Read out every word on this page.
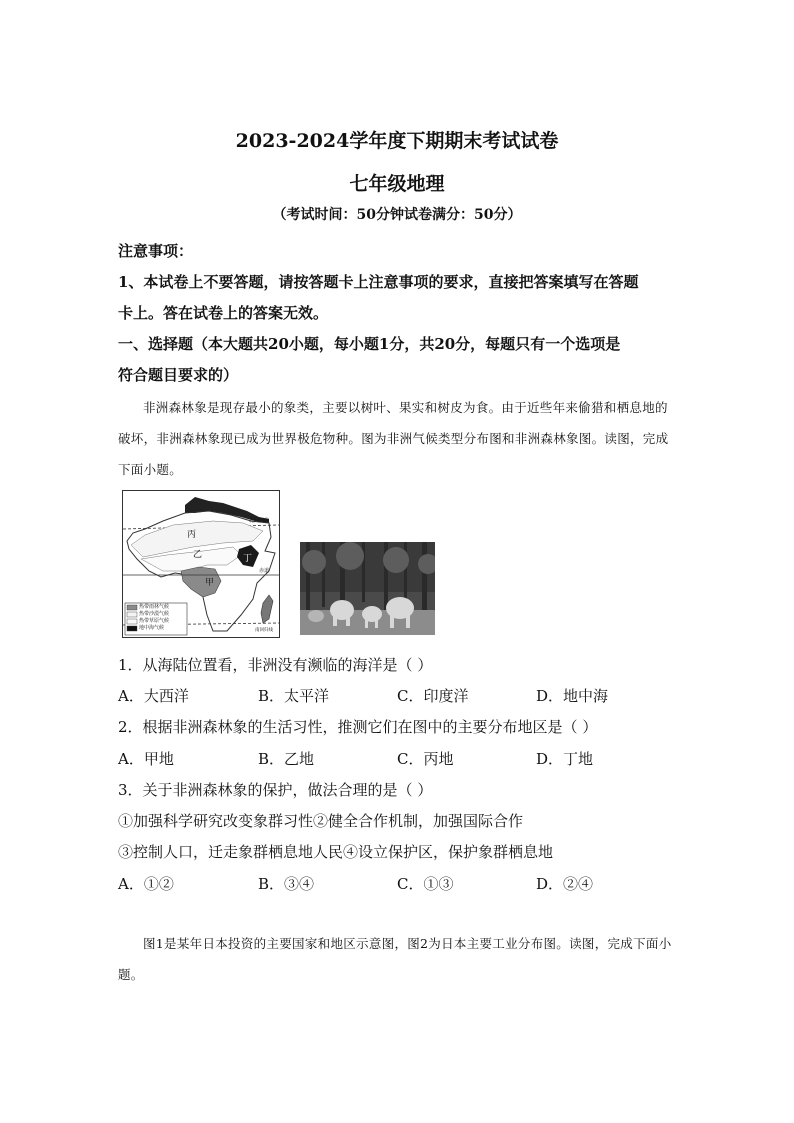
2023-2024学年度下期期末考试试卷
七年级地理
（考试时间：50分钟试卷满分：50分）
注意事项：
1、本试卷上不要答题，请按答题卡上注意事项的要求，直接把答案填写在答题
卡上。答在试卷上的答案无效。
一、选择题（本大题共20小题，每小题1分，共20分，每题只有一个选项是
符合题目要求的）
非洲森林象是现存最小的象类，主要以树叶、果实和树皮为食。由于近些年来偷猎和栖息地的破坏，非洲森林象现已成为世界极危物种。图为非洲气候类型分布图和非洲森林象图。读图，完成下面小题。
丙
乙
甲
丁
北回归线
赤道
南回归线
热带雨林气候
热带沙漠气候
热带草原气候
地中海气候
1．从海陆位置看，非洲没有濒临的海洋是（ ）
A．大西洋	B．太平洋	C．印度洋	D．地中海
2．根据非洲森林象的生活习性，推测它们在图中的主要分布地区是（ ）
A．甲地	B．乙地	C．丙地	D．丁地
3．关于非洲森林象的保护，做法合理的是（ ）
①加强科学研究改变象群习性②健全合作机制，加强国际合作
③控制人口，迁走象群栖息地人民④设立保护区，保护象群栖息地
A．①②	B．③④	C．①③	D．②④
图1是某年日本投资的主要国家和地区示意图，图2为日本主要工业分布图。读图，完成下面小题。
